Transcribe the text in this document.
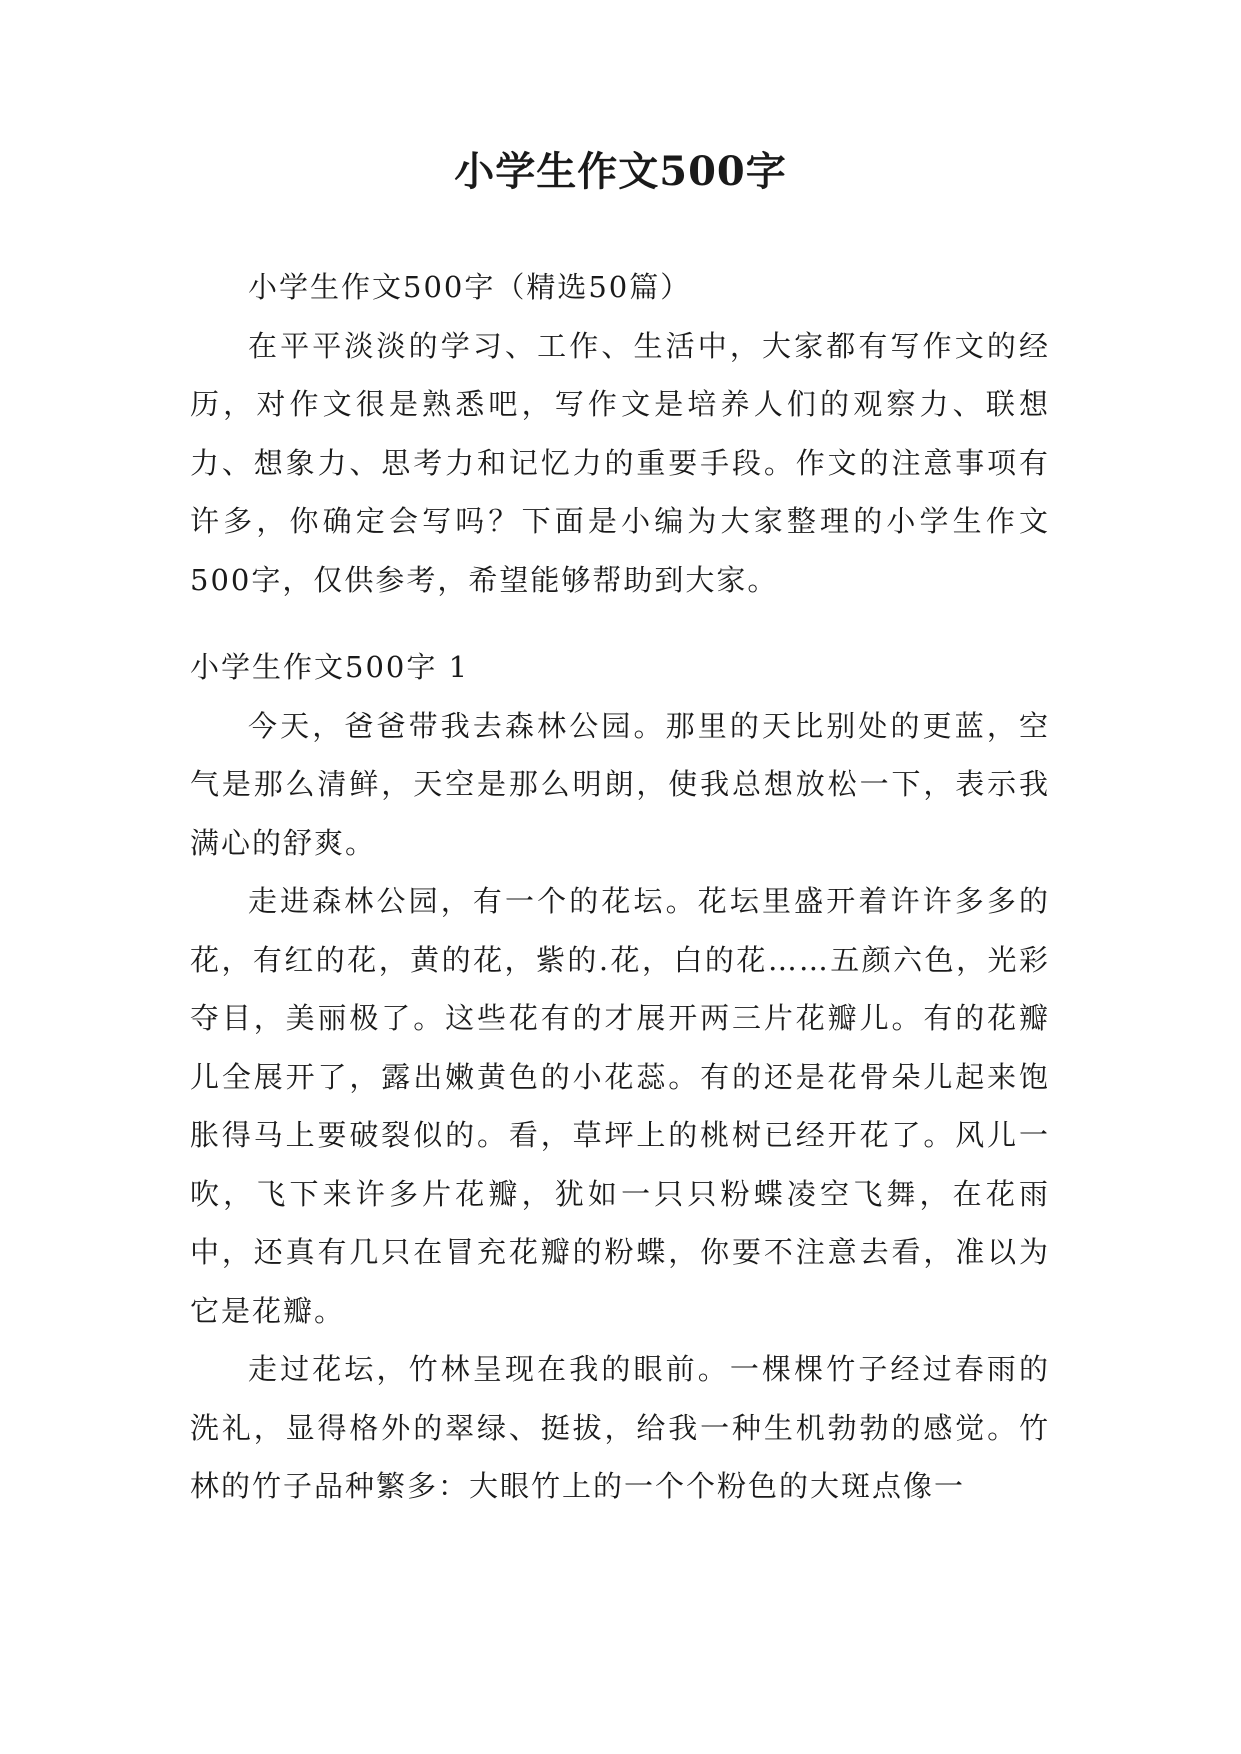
小学生作文500字

小学生作文500字（精选50篇）

在平平淡淡的学习、工作、生活中，大家都有写作文的经历，对作文很是熟悉吧，写作文是培养人们的观察力、联想力、想象力、思考力和记忆力的重要手段。作文的注意事项有许多，你确定会写吗？下面是小编为大家整理的小学生作文500字，仅供参考，希望能够帮助到大家。

小学生作文500字 1

今天，爸爸带我去森林公园。那里的天比别处的更蓝，空气是那么清鲜，天空是那么明朗，使我总想放松一下，表示我满心的舒爽。

走进森林公园，有一个的花坛。花坛里盛开着许许多多的花，有红的花，黄的花，紫的.花，白的花……五颜六色，光彩夺目，美丽极了。这些花有的才展开两三片花瓣儿。有的花瓣儿全展开了，露出嫩黄色的小花蕊。有的还是花骨朵儿起来饱胀得马上要破裂似的。看，草坪上的桃树已经开花了。风儿一吹，飞下来许多片花瓣，犹如一只只粉蝶凌空飞舞，在花雨中，还真有几只在冒充花瓣的粉蝶，你要不注意去看，准以为它是花瓣。

走过花坛，竹林呈现在我的眼前。一棵棵竹子经过春雨的洗礼，显得格外的翠绿、挺拔，给我一种生机勃勃的感觉。竹林的竹子品种繁多：大眼竹上的一个个粉色的大斑点像一
